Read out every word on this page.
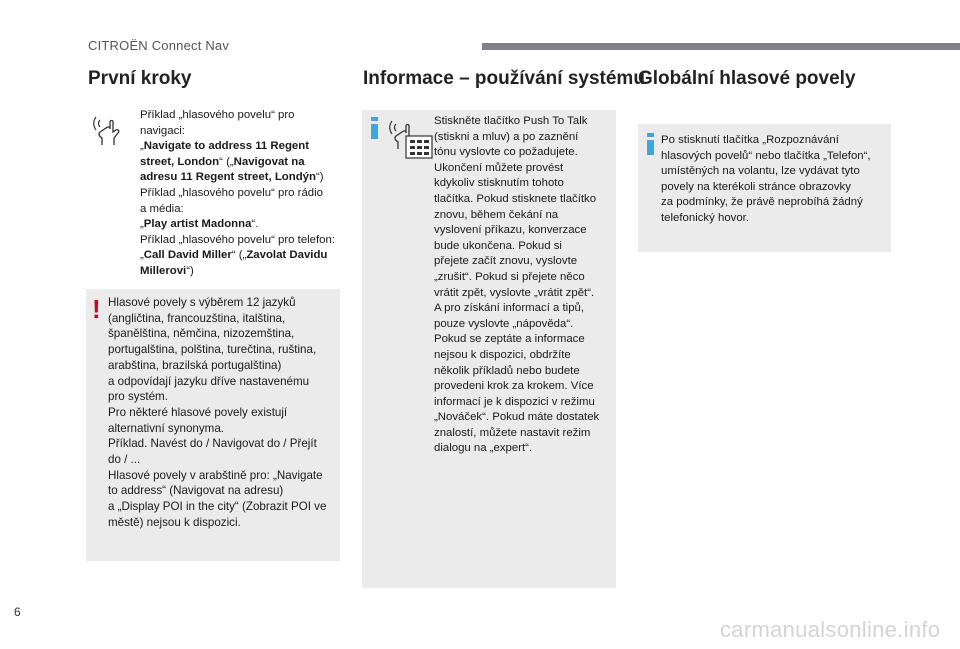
CITROËN Connect Nav
První kroky
Příklad „hlasového povelu“ pro
navigaci:
„Navigate to address 11 Regent
street, London“ („Navigovat na
adresu 11 Regent street, Londýn“)
Příklad „hlasového povelu“ pro rádio
a média:
„Play artist Madonna“.
Příklad „hlasového povelu“ pro telefon:
„Call David Miller“ („Zavolat Davidu
Millerovi“)
! Hlasové povely s výběrem 12 jazyků
(angličtina, francouzština, italština,
španělština, němčina, nizozemština,
portugalština, polština, turečtina, ruština,
arabština, brazilská portugalština)
a odpovídají jazyku dříve nastavenému
pro systém.
Pro některé hlasové povely existují
alternativní synonyma.
Příklad. Navést do / Navigovat do / Přejít
do / ...
Hlasové povely v arabštině pro: „Navigate
to address“ (Navigovat na adresu)
a „Display POI in the city“ (Zobrazit POI ve
městě) nejsou k dispozici.
Informace – používání systému
Stiskněte tlačítko Push To Talk
(stiskni a mluv) a po zaznění
tónu vyslovte co požadujete.
Ukončení můžete provést
kdykoliv stisknutím tohoto
tlačítka. Pokud stisknete tlačítko
znovu, během čekání na
vyslovení příkazu, konverzace
bude ukončena. Pokud si
přejete začít znovu, vyslovte
„zrušit“. Pokud si přejete něco
vrátit zpět, vyslovte „vrátit zpět“.
A pro získání informací a tipů,
pouze vyslovte „nápověda“.
Pokud se zeptáte a informace
nejsou k dispozici, obdržíte
několik příkladů nebo budete
provedeni krok za krokem. Více
informací je k dispozici v režimu
„Nováček“. Pokud máte dostatek
znalostí, můžete nastavit režim
dialogu na „expert“.
Globální hlasové povely
Po stisknutí tlačítka „Rozpoznávání
hlasových povelů“ nebo tlačítka „Telefon“,
umístěných na volantu, lze vydávat tyto
povely na kterékoli stránce obrazovky
za podmínky, že právě neprobíhá žádný
telefonický hovor.
6
carmanualsonline.info
